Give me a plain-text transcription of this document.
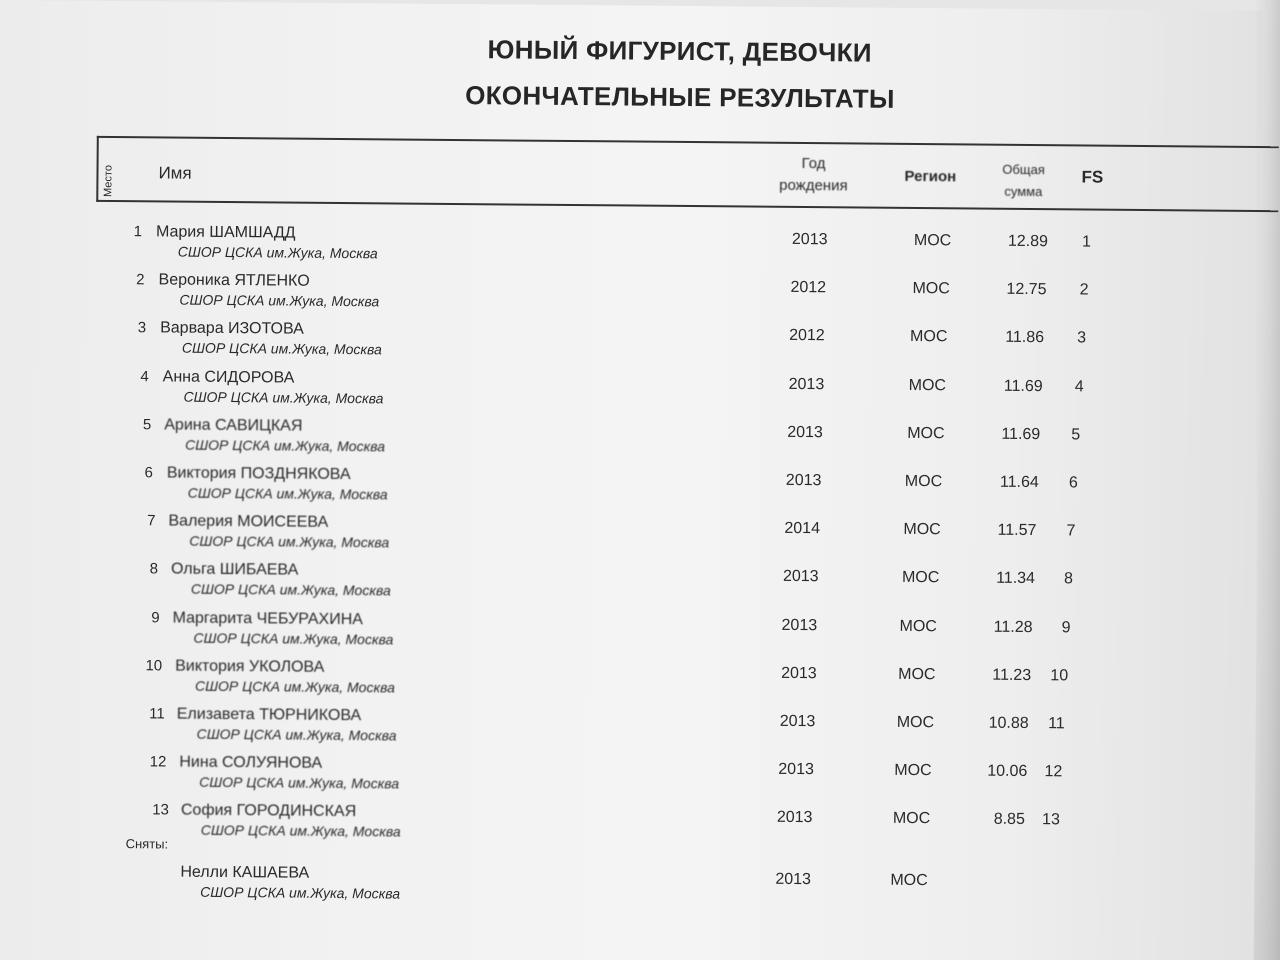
ЮНЫЙ ФИГУРИСТ, ДЕВОЧКИ
ОКОНЧАТЕЛЬНЫЕ РЕЗУЛЬТАТЫ
Место	Имя	Год
рождения
Регион	Общая
сумма
FS
1 Мария ШАМШАДД
СШОР ЦСКА им.Жука, Москва
2013	МОС	12.89	1
2 Вероника ЯТЛЕНКО
СШОР ЦСКА им.Жука, Москва
2012	МОС	12.75	2
3 Варвара ИЗОТОВА
СШОР ЦСКА им.Жука, Москва
2012	МОС	11.86	3
4 Анна СИДОРОВА
СШОР ЦСКА им.Жука, Москва
2013	МОС	11.69	4
5 Арина САВИЦКАЯ
СШОР ЦСКА им.Жука, Москва
2013	МОС	11.69	5
6 Виктория ПОЗДНЯКОВА
СШОР ЦСКА им.Жука, Москва
2013	МОС	11.64	6
7 Валерия МОИСЕЕВА
СШОР ЦСКА им.Жука, Москва
2014	МОС	11.57	7
8 Ольга ШИБАЕВА
СШОР ЦСКА им.Жука, Москва
2013	МОС	11.34	8
9 Маргарита ЧЕБУРАХИНА
СШОР ЦСКА им.Жука, Москва
2013	МОС	11.28	9
10 Виктория УКОЛОВА
СШОР ЦСКА им.Жука, Москва
2013	МОС	11.23	10
11 Елизавета ТЮРНИКОВА
СШОР ЦСКА им.Жука, Москва
2013	МОС	10.88	11
12 Нина СОЛУЯНОВА
СШОР ЦСКА им.Жука, Москва
2013	МОС	10.06	12
13 София ГОРОДИНСКАЯ
СШОР ЦСКА им.Жука, Москва
2013	МОС	8.85	13
Сняты:
Нелли КАШАЕВА
СШОР ЦСКА им.Жука, Москва
2013	МОС
